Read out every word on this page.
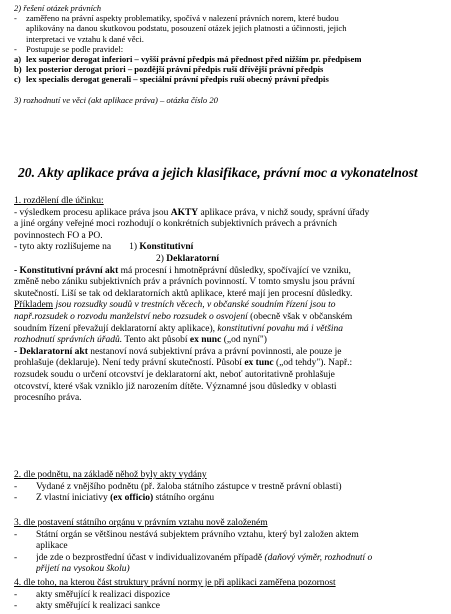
2) řešení otázek právních
-	zaměřeno na právní aspekty problematiky, spočívá v nalezení právních norem, které budou
aplikovány na danou skutkovou podstatu, posouzení otázek jejich platnosti a účinnosti, jejich
interpretaci ve vztahu k dané věci.
-	Postupuje se podle pravidel:
a) lex superior derogat inferiori – vyšší právní předpis má přednost před nižším pr. předpisem
b) lex posterior derogat priori – pozdější právní předpis ruší dřívější právní předpis
c) lex specialis derogat generali – speciální právní předpis ruší obecný právní předpis
3) rozhodnutí ve věci (akt aplikace práva) – otázka číslo 20
20. Akty aplikace práva a jejich klasifikace, právní moc a vykonatelnost
1. rozdělení dle účinku:
- výsledkem procesu aplikace práva jsou AKTY aplikace práva, v nichž soudy, správní úřady
a jiné orgány veřejné moci rozhodují o konkrétních subjektivních právech a právních
povinnostech FO a PO.
- tyto akty rozlišujeme na 1) Konstitutivní
2) Deklaratorní
- Konstitutivní právní akt má procesní i hmotněprávní důsledky, spočívající ve vzniku,
změně nebo zániku subjektivních práv a právních povinností. V tomto smyslu jsou právní
skutečností. Liší se tak od deklaratorních aktů aplikace, které mají jen procesní důsledky.
Příkladem jsou rozsudky soudů v trestních věcech, v občanské soudním řízení jsou to
např.rozsudek o rozvodu manželství nebo rozsudek o osvojení (obecně však v občanském
soudním řízení převažují deklaratorní akty aplikace), konstitutivní povahu má i většina
rozhodnutí správních úřadů. Tento akt působí ex nunc („od nyní")
- Deklaratorní akt nestanoví nová subjektivní práva a právní povinnosti, ale pouze je
prohlašuje (deklaruje). Není tedy právní skutečností. Působí ex tunc („od tehdy"). Např.:
rozsudek soudu o určení otcovství je deklaratorní akt, neboť autoritativně prohlašuje
otcovství, které však vzniklo již narozením dítěte. Významné jsou důsledky v oblasti
procesního práva.
2. dle podnětu, na základě něhož byly akty vydány
-	Vydané z vnějšího podnětu (př. žaloba státního zástupce v trestně právní oblasti)
-	Z vlastní iniciativy (ex officio) státního orgánu
3. dle postavení státního orgánu v právním vztahu nově založeném
-	Státní orgán se většinou nestává subjektem právního vztahu, který byl založen aktem
aplikace
-	jde zde o bezprostřední účast v individualizovaném případě (daňový výměr, rozhodnutí o
přijetí na vysokou školu)
4. dle toho, na kterou část struktury právní normy je při aplikaci zaměřena pozornost
-	akty směřující k realizaci dispozice
-	akty směřující k realizaci sankce
